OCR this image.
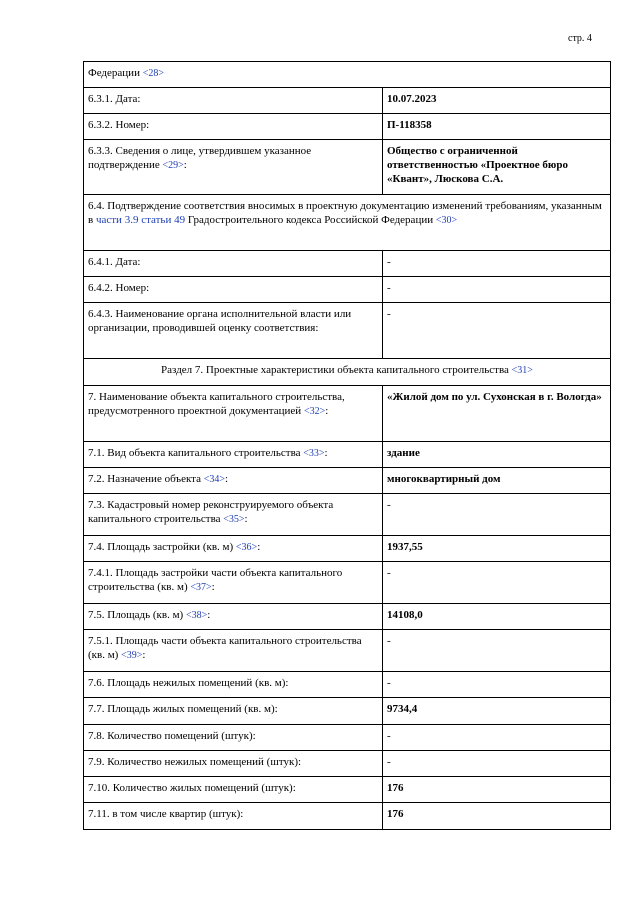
стр. 4
Федерации <28>	
6.3.1. Дата:	10.07.2023
6.3.2. Номер:	П-118358
6.3.3. Сведения о лице, утвердившем указанное подтверждение <29>:	Общество с ограниченной ответственностью «Проектное бюро «Квант», Люскова С.А.
6.4. Подтверждение соответствия вносимых в проектную документацию изменений требованиям, указанным в части 3.9 статьи 49 Градостроительного кодекса Российской Федерации <30>	
6.4.1. Дата:	-
6.4.2. Номер:	-
6.4.3. Наименование органа исполнительной власти или организации, проводившей оценку соответствия:	-
Раздел 7. Проектные характеристики объекта капитального строительства <31>	
7. Наименование объекта капитального строительства, предусмотренного проектной документацией <32>:	«Жилой дом по ул. Сухонская в г. Вологда»
7.1. Вид объекта капитального строительства <33>:	здание
7.2. Назначение объекта <34>:	многоквартирный дом
7.3. Кадастровый номер реконструируемого объекта капитального строительства <35>:	-
7.4. Площадь застройки (кв. м) <36>:	1937,55
7.4.1. Площадь застройки части объекта капитального строительства (кв. м) <37>:	-
7.5. Площадь (кв. м) <38>:	14108,0
7.5.1. Площадь части объекта капитального строительства (кв. м) <39>:	-
7.6. Площадь нежилых помещений (кв. м):	-
7.7. Площадь жилых помещений (кв. м):	9734,4
7.8. Количество помещений (штук):	-
7.9. Количество нежилых помещений (штук):	-
7.10. Количество жилых помещений (штук):	176
7.11. в том числе квартир (штук):	176
